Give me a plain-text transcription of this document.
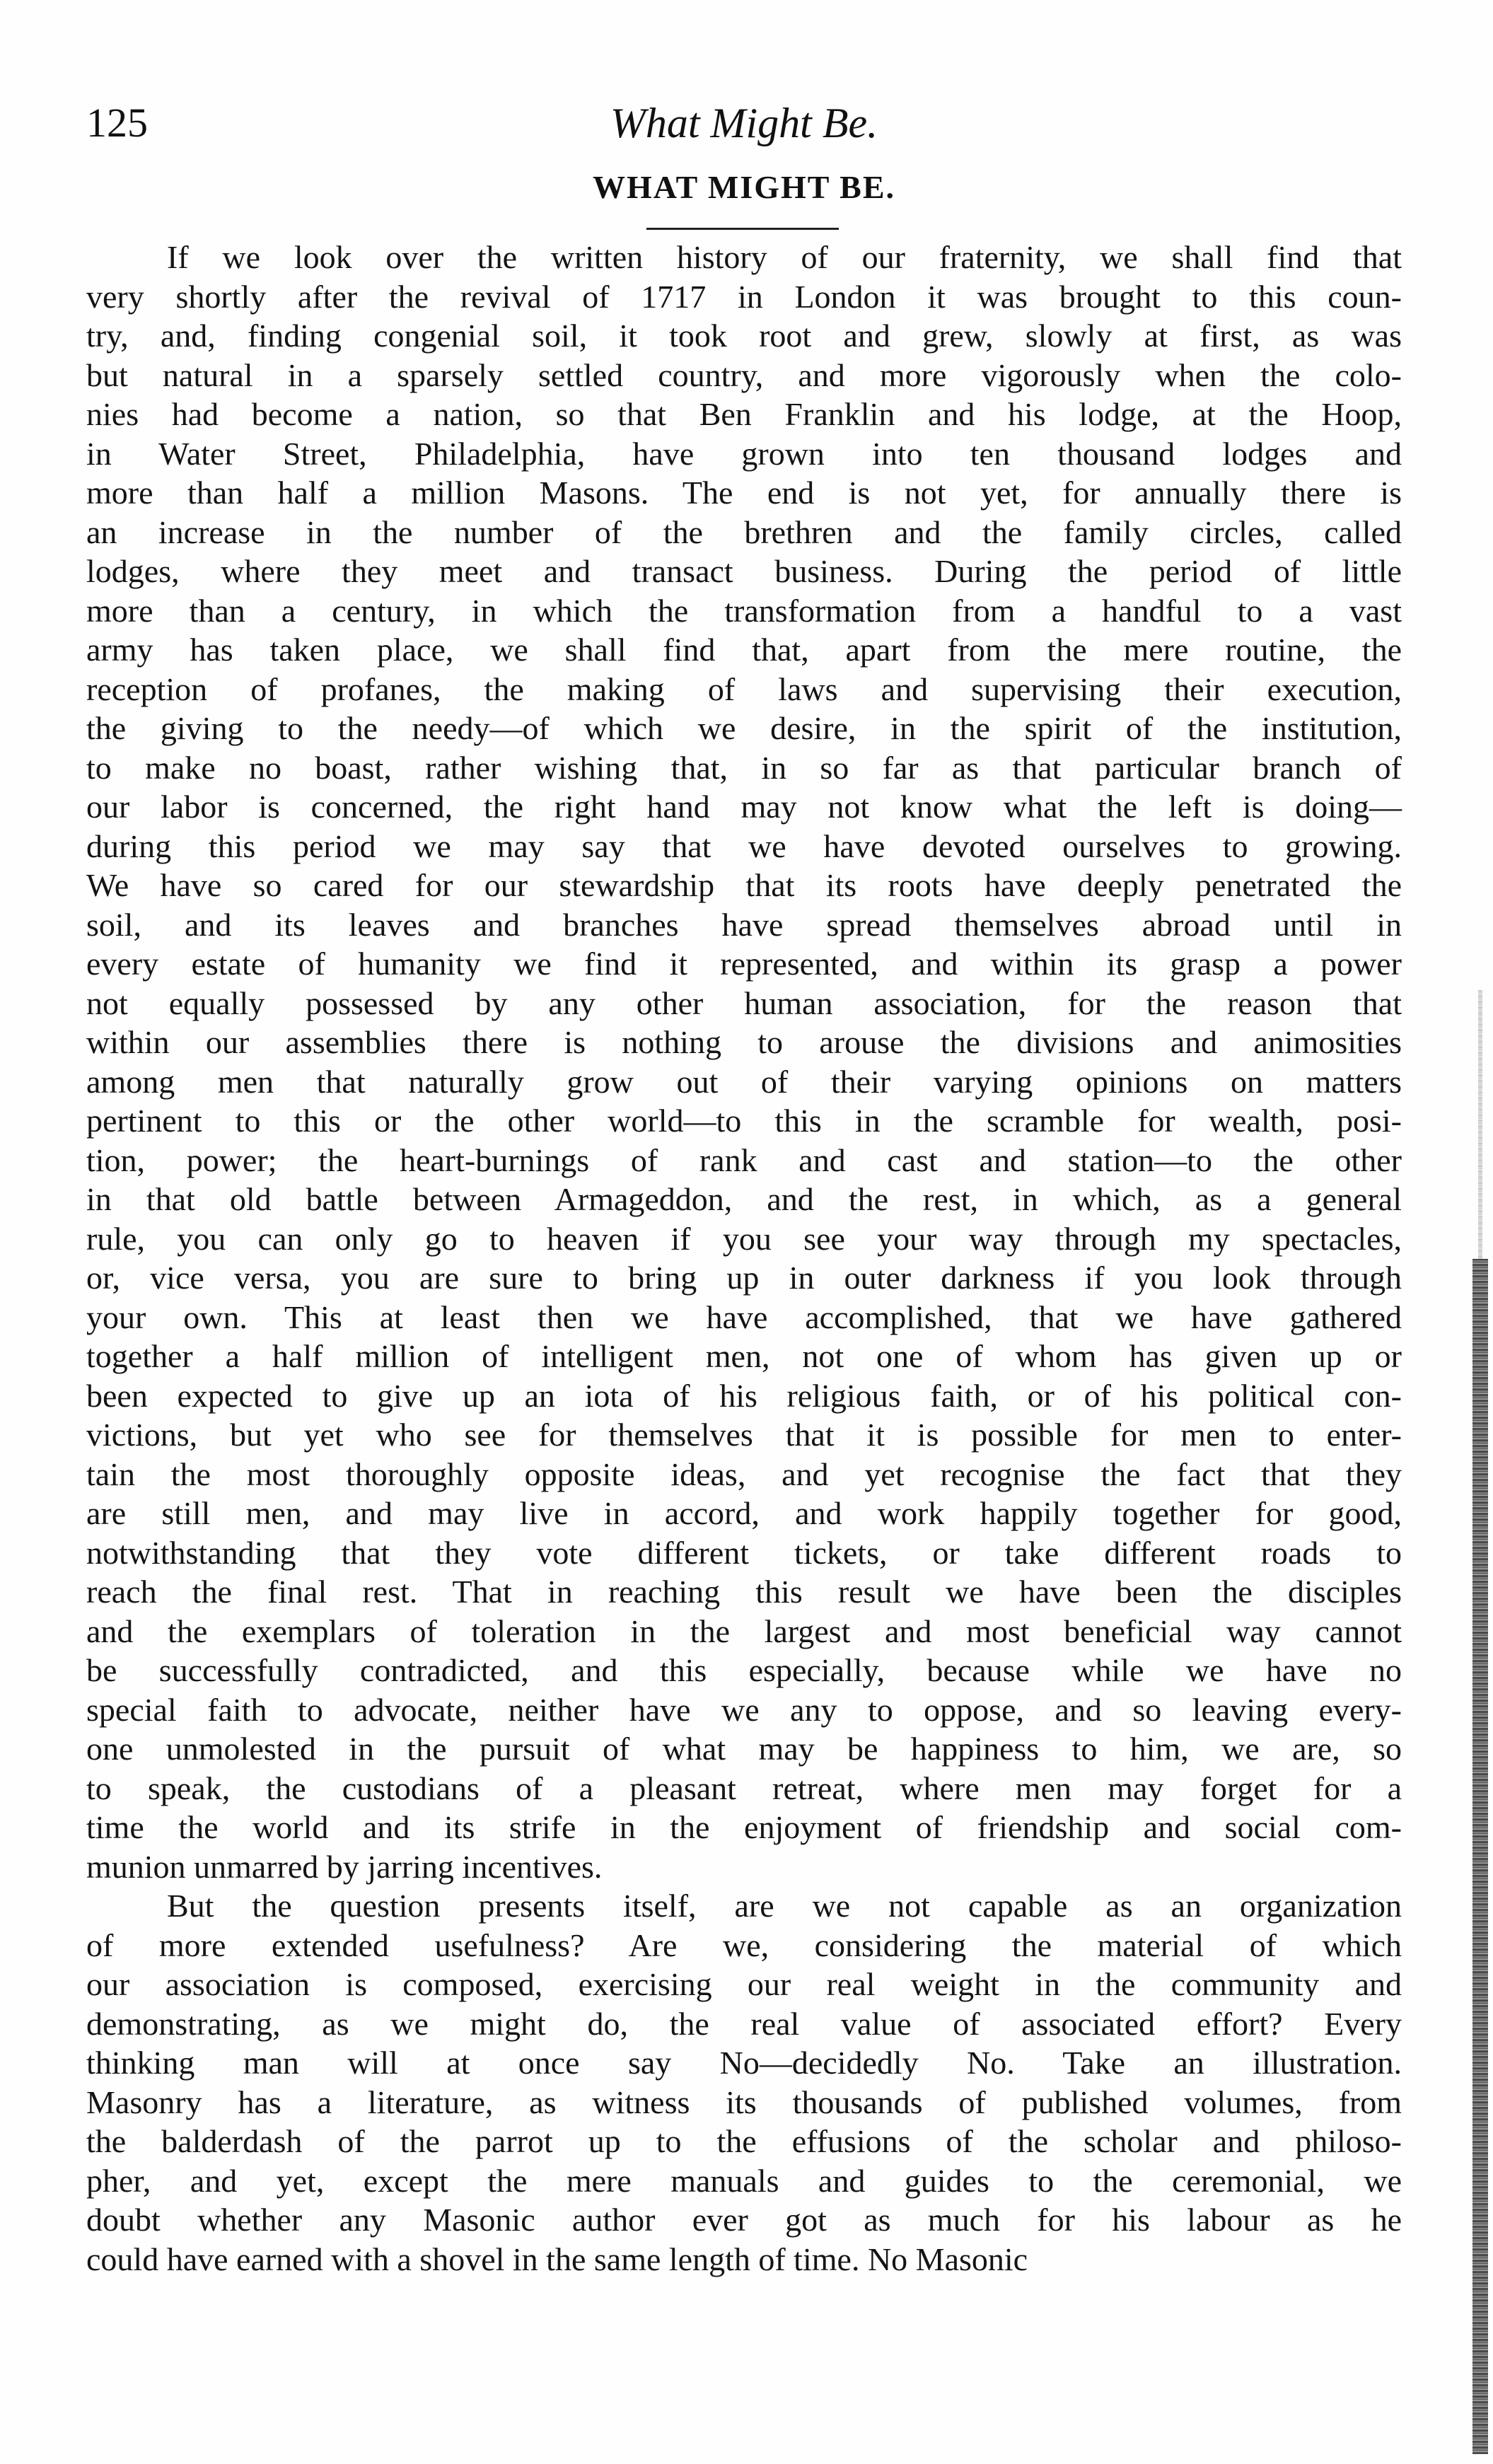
125	What Might Be.
WHAT MIGHT BE.
If we look over the written history of our fraternity, we shall find that
very shortly after the revival of 1717 in London it was brought to this coun-
try, and, finding congenial soil, it took root and grew, slowly at first, as was
but natural in a sparsely settled country, and more vigorously when the colo-
nies had become a nation, so that Ben Franklin and his lodge, at the Hoop,
in Water Street, Philadelphia, have grown into ten thousand lodges and
more than half a million Masons. The end is not yet, for annually there is
an increase in the number of the brethren and the family circles, called
lodges, where they meet and transact business. During the period of little
more than a century, in which the transformation from a handful to a vast
army has taken place, we shall find that, apart from the mere routine, the
reception of profanes, the making of laws and supervising their execution,
the giving to the needy—of which we desire, in the spirit of the institution,
to make no boast, rather wishing that, in so far as that particular branch of
our labor is concerned, the right hand may not know what the left is doing—
during this period we may say that we have devoted ourselves to growing.
We have so cared for our stewardship that its roots have deeply penetrated the
soil, and its leaves and branches have spread themselves abroad until in
every estate of humanity we find it represented, and within its grasp a power
not equally possessed by any other human association, for the reason that
within our assemblies there is nothing to arouse the divisions and animosities
among men that naturally grow out of their varying opinions on matters
pertinent to this or the other world—to this in the scramble for wealth, posi-
tion, power; the heart-burnings of rank and cast and station—to the other
in that old battle between Armageddon, and the rest, in which, as a general
rule, you can only go to heaven if you see your way through my spectacles,
or, vice versa, you are sure to bring up in outer darkness if you look through
your own. This at least then we have accomplished, that we have gathered
together a half million of intelligent men, not one of whom has given up or
been expected to give up an iota of his religious faith, or of his political con-
victions, but yet who see for themselves that it is possible for men to enter-
tain the most thoroughly opposite ideas, and yet recognise the fact that they
are still men, and may live in accord, and work happily together for good,
notwithstanding that they vote different tickets, or take different roads to
reach the final rest. That in reaching this result we have been the disciples
and the exemplars of toleration in the largest and most beneficial way cannot
be successfully contradicted, and this especially, because while we have no
special faith to advocate, neither have we any to oppose, and so leaving every-
one unmolested in the pursuit of what may be happiness to him, we are, so
to speak, the custodians of a pleasant retreat, where men may forget for a
time the world and its strife in the enjoyment of friendship and social com-
munion unmarred by jarring incentives.
But the question presents itself, are we not capable as an organization
of more extended usefulness? Are we, considering the material of which
our association is composed, exercising our real weight in the community and
demonstrating, as we might do, the real value of associated effort? Every
thinking man will at once say No—decidedly No. Take an illustration.
Masonry has a literature, as witness its thousands of published volumes, from
the balderdash of the parrot up to the effusions of the scholar and philoso-
pher, and yet, except the mere manuals and guides to the ceremonial, we
doubt whether any Masonic author ever got as much for his labour as he
could have earned with a shovel in the same length of time. No Masonic
